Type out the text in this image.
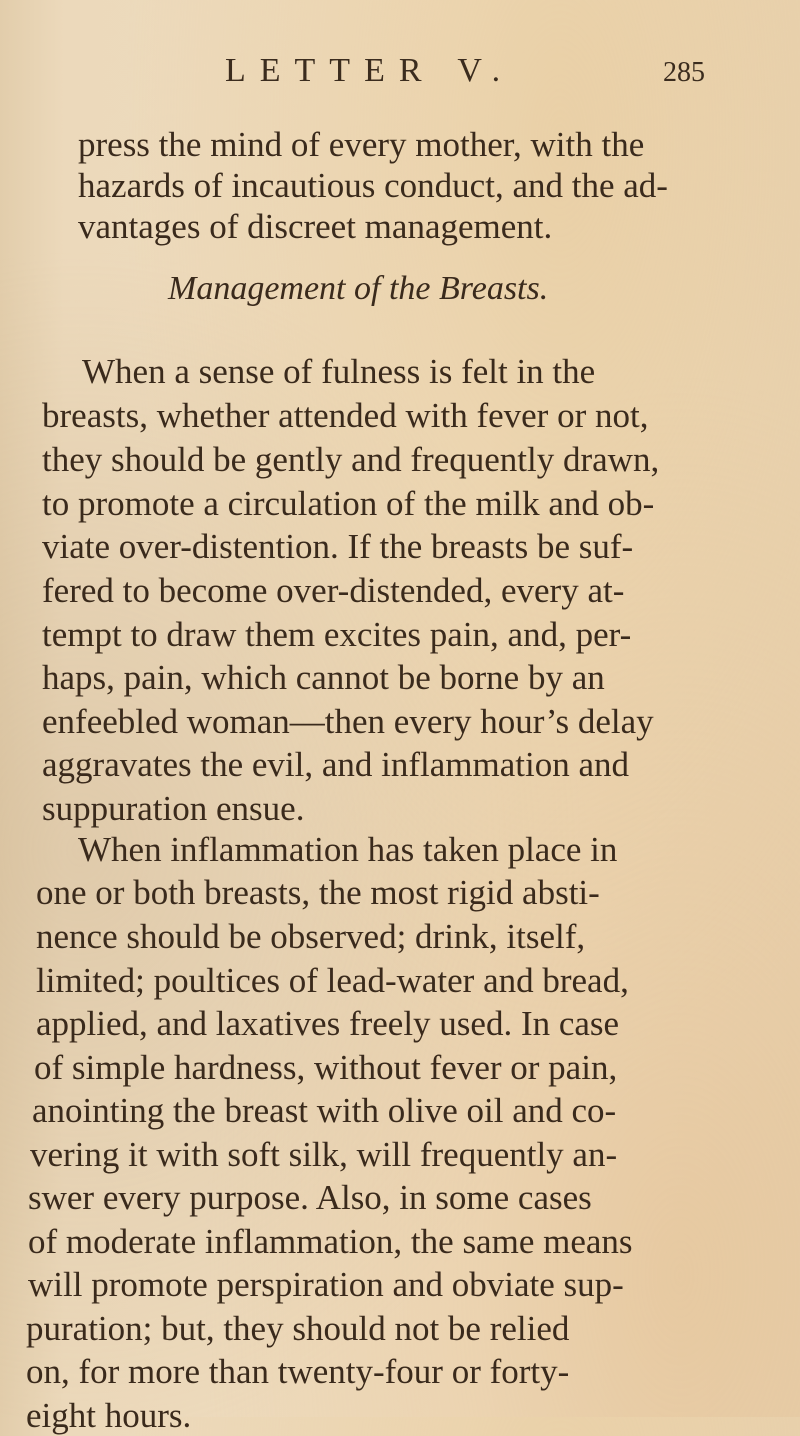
LETTER V.	285
press the mind of every mother, with the
hazards of incautious conduct, and the ad-
vantages of discreet management.
Management of the Breasts.
When a sense of fulness is felt in the
breasts, whether attended with fever or not,
they should be gently and frequently drawn,
to promote a circulation of the milk and ob-
viate over-distention. If the breasts be suf-
fered to become over-distended, every at-
tempt to draw them excites pain, and, per-
haps, pain, which cannot be borne by an
enfeebled woman—then every hour’s delay
aggravates the evil, and inflammation and
suppuration ensue.
When inflammation has taken place in
one or both breasts, the most rigid absti-
nence should be observed; drink, itself,
limited; poultices of lead-water and bread,
applied, and laxatives freely used. In case
of simple hardness, without fever or pain,
anointing the breast with olive oil and co-
vering it with soft silk, will frequently an-
swer every purpose. Also, in some cases
of moderate inflammation, the same means
will promote perspiration and obviate sup-
puration; but, they should not be relied
on, for more than twenty-four or forty-
eight hours.
